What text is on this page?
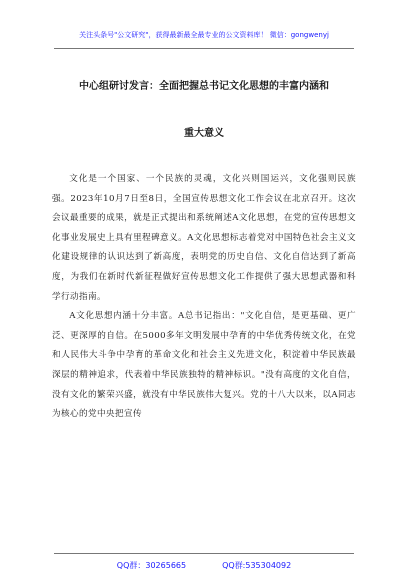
关注头条号"公文研究"，获得最新最全最专业的公文资料库！ 微信：gongwenyj
中心组研讨发言：全面把握总书记文化思想的丰富内涵和
重大意义

文化是一个国家、一个民族的灵魂，文化兴则国运兴，文化强则民族强。2023年10月7日至8日，全国宣传思想文化工作会议在北京召开。这次会议最重要的成果，就是正式提出和系统阐述A文化思想，在党的宣传思想文化事业发展史上具有里程碑意义。A文化思想标志着党对中国特色社会主义文化建设规律的认识达到了新高度，表明党的历史自信、文化自信达到了新高度，为我们在新时代新征程做好宣传思想文化工作提供了强大思想武器和科学行动指南。

A文化思想内涵十分丰富。A总书记指出："文化自信，是更基础、更广泛、更深厚的自信。在5000多年文明发展中孕育的中华优秀传统文化，在党和人民伟大斗争中孕育的革命文化和社会主义先进文化，积淀着中华民族最深层的精神追求，代表着中华民族独特的精神标识。"没有高度的文化自信，没有文化的繁荣兴盛，就没有中华民族伟大复兴。党的十八大以来，以A同志为核心的党中央把宣传

QQ群：30265665	QQ群:535304092
